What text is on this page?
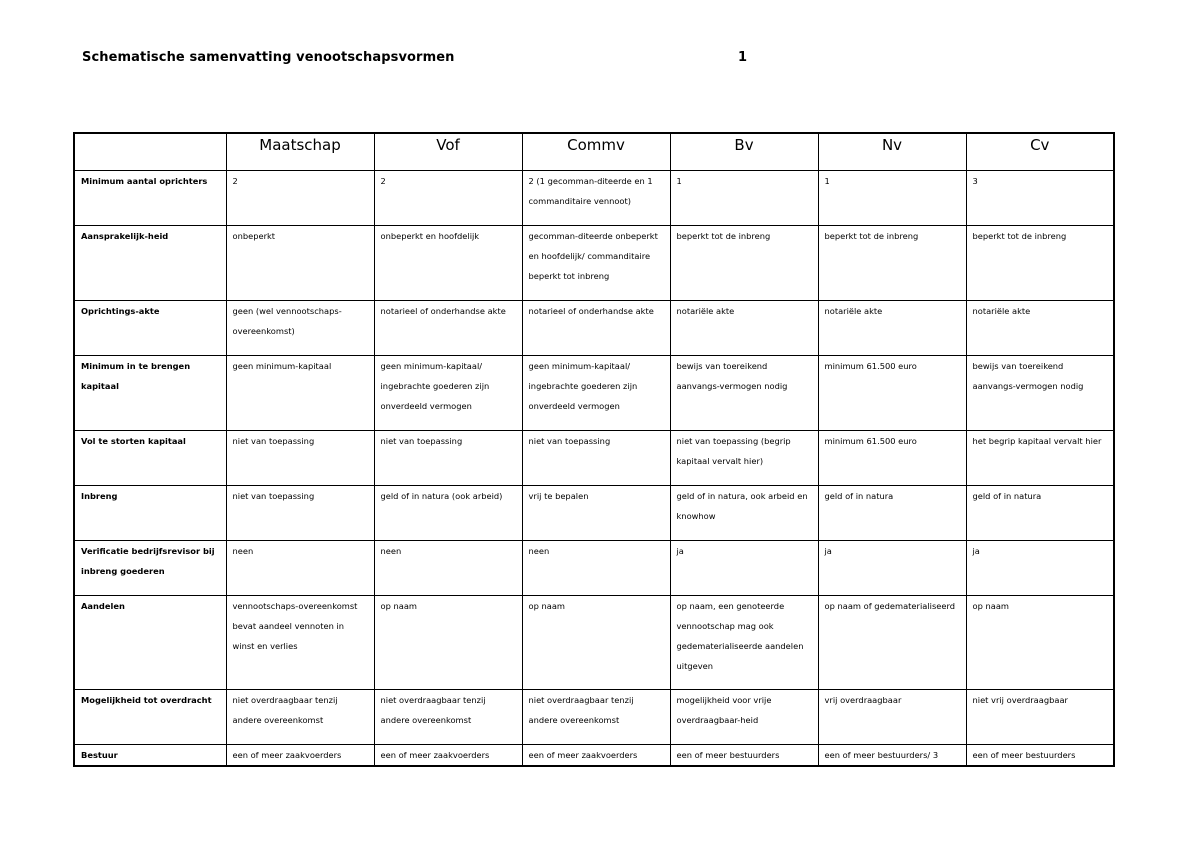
Schematische samenvatting venootschapsvormen	1
	Maatschap	Vof	Commv	Bv	Nv	Cv
Minimum aantal oprichters	2	2	2 (1 gecomman-diteerde en 1 commanditaire vennoot)	1	1	3
Aansprakelijk-heid	onbeperkt	onbeperkt en hoofdelijk	gecomman-diteerde onbeperkt en hoofdelijk/ commanditaire beperkt tot inbreng	beperkt tot de inbreng	beperkt tot de inbreng	beperkt tot de inbreng
Oprichtings-akte	geen (wel vennootschaps-overeenkomst)	notarieel of onderhandse akte	notarieel of onderhandse akte	notariële akte	notariële akte	notariële akte
Minimum in te brengen kapitaal	geen minimum-kapitaal	geen minimum-kapitaal/ ingebrachte goederen zijn onverdeeld vermogen	geen minimum-kapitaal/ ingebrachte goederen zijn onverdeeld vermogen	bewijs van toereikend aanvangs-vermogen nodig	minimum 61.500 euro	bewijs van toereikend aanvangs-vermogen nodig
Vol te storten kapitaal	niet van toepassing	niet van toepassing	niet van toepassing	niet van toepassing (begrip kapitaal vervalt hier)	minimum 61.500 euro	het begrip kapitaal vervalt hier
Inbreng	niet van toepassing	geld of in natura (ook arbeid)	vrij te bepalen	geld of in natura, ook arbeid en knowhow	geld of in natura	geld of in natura
Verificatie bedrijfsrevisor bij inbreng goederen	neen	neen	neen	ja	ja	ja
Aandelen	vennootschaps-overeenkomst bevat aandeel vennoten in winst en verlies	op naam	op naam	op naam, een genoteerde vennootschap mag ook gedematerialiseerde aandelen uitgeven	op naam of gedematerialiseerd	op naam
Mogelijkheid tot overdracht	niet overdraagbaar tenzij andere overeenkomst	niet overdraagbaar tenzij andere overeenkomst	niet overdraagbaar tenzij andere overeenkomst	mogelijkheid voor vrije overdraagbaar-heid	vrij overdraagbaar	niet vrij overdraagbaar
Bestuur	een of meer zaakvoerders	een of meer zaakvoerders	een of meer zaakvoerders	een of meer bestuurders	een of meer bestuurders/ 3	een of meer bestuurders
